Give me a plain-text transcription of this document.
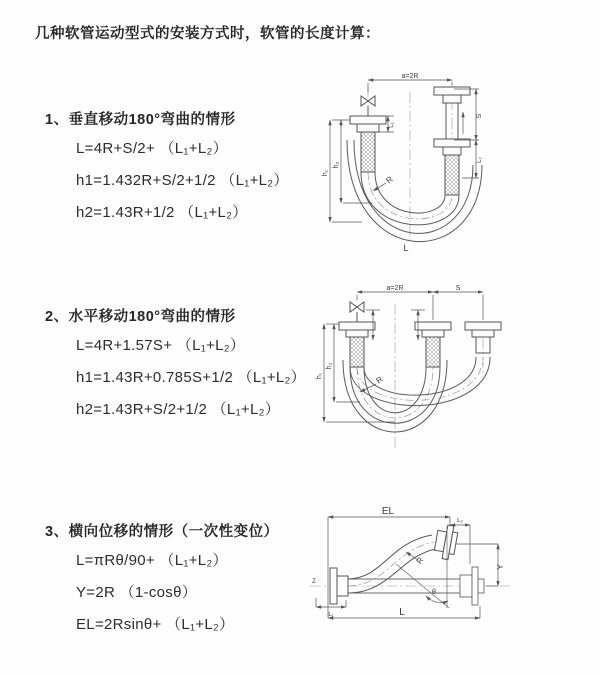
几种软管运动型式的安装方式时，软管的长度计算：
1、垂直移动180°弯曲的情形
L=4R+S/2+ （L₁+L₂）
h1=1.432R+S/2+1/2 （L₁+L₂）
h2=1.43R+1/2 （L₁+L₂）
2、水平移动180°弯曲的情形
L=4R+1.57S+ （L₁+L₂）
h1=1.43R+0.785S+1/2 （L₁+L₂）
h2=1.43R+S/2+1/2 （L₁+L₂）
3、横向位移的情形（一次性变位）
L=πRθ/90+ （L₁+L₂）
Y=2R （1-cosθ）
EL=2Rsinθ+ （L₁+L₂）
a=2R
h₁
h₂
L₁
S
L₂
R
L
a=2R	S
h₁
h₂
R
EL
L₂
Y
L
L₁
R
θ
Z
